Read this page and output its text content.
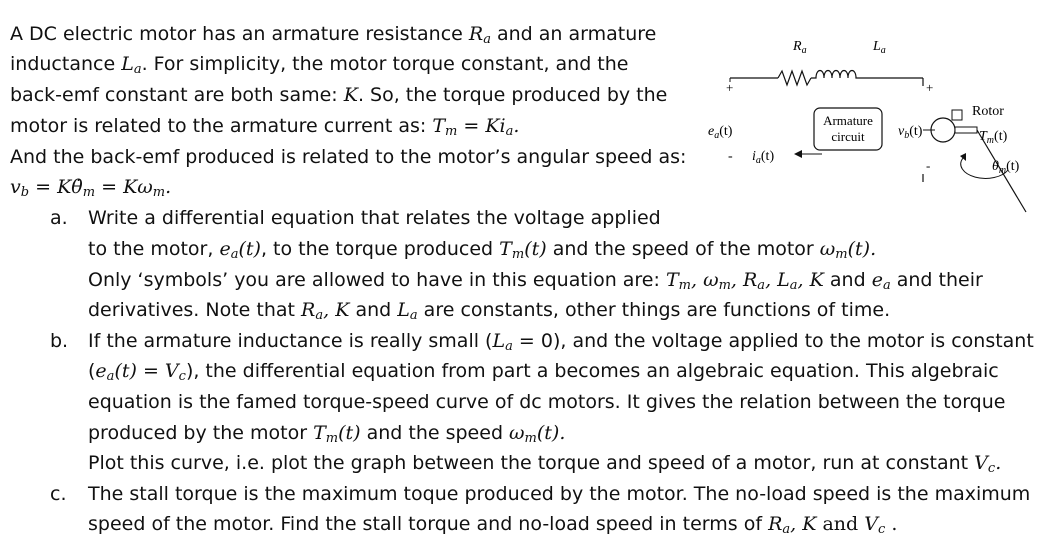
A DC electric motor has an armature resistance $R_a$ and an armature
inductance $L_a$. For simplicity, the motor torque constant, and the
back-emf constant are both same: K. So, the torque produced by the
motor is related to the armature current as: $T_m = Ki_a$.
And the back-emf produced is related to the motor’s angular speed as:
$v_b$ = $K\thetȧ_m = K\omega_m$.
a. Write a differential equation that relates the voltage applied
to the motor, $e_a(t)$, to the torque produced $T_m(t)$ and the speed of the motor $\omega_m(t)$.
Only ‘symbols’ you are allowed to have in this equation are: $T_m$, $\omega_m$, $R_a$, $L_a$, K and $e_a$ and their
derivatives. Note that $R_a$, K and $L_a$ are constants, other things are functions of time.
b. If the armature inductance is really small $(L_a = 0)$, and the voltage applied to the motor is constant
$(e_a(t) = V_c)$, the differential equation from part a becomes an algebraic equation. This algebraic
equation is the famed torque-speed curve of dc motors. It gives the relation between the torque
produced by the motor $T_m(t)$ and the speed $\omega_m(t)$.
Plot this curve, i.e. plot the graph between the torque and speed of a motor, run at constant $V_c$.
c. The stall torque is the maximum toque produced by the motor. The no-load speed is the maximum
speed of the motor. Find the stall torque and no-load speed in terms of $R_a$, K and $V_c$ .
$R_a$	$L_a$
+
$e_a(t)$
- $i_a(t)$
Armature
circuit
+
$v_b(t)$
-
Rotor
$T_m(t)$
$\theta_m(t)$
